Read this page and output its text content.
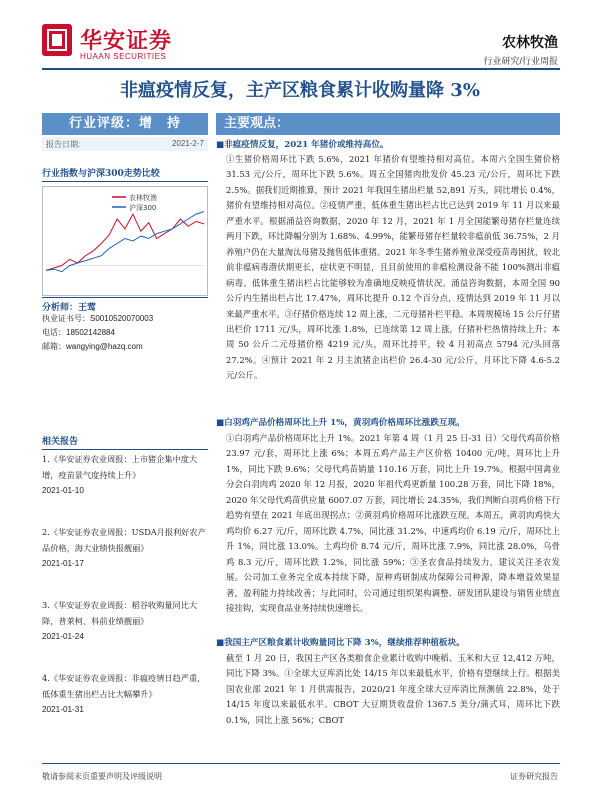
华安证券
HUAAN SECURITIES
农林牧渔
行业研究/行业周报
非瘟疫情反复，主产区粮食累计收购量降 3%
行业评级：增　持
报告日期:	2021-2-7
行业指数与沪深300走势比较
农林牧渔
沪深300
分析师：王莺
执业证书号：S0010520070003
电话：18502142884
邮箱：wangying@hazq.com
相关报告
1.《华安证券农业周报：上市猪企集中度大增，疫苗景气度持续上升》
2021-01-10
2.《华安证券农业周报：USDA月报利好农产品价格，海大业绩快报靓丽》
2021-01-17
3.《华安证券农业周报：稻谷收购量同比大降，普莱柯、科前业绩靓丽》
2021-01-24
4.《华安证券农业周报：非瘟疫情日趋严重，低体重生猪出栏占比大幅攀升》
2021-01-31
主要观点：
■非瘟疫情反复，2021 年猪价或维持高位。
①生猪价格周环比下跌 5.6%，2021 年猪价有望维持相对高位。本周六全国生猪价格 31.53 元/公斤，周环比下跌 5.6%。周五全国猪肉批发价 45.23 元/公斤，周环比下跌 2.5%。据我们近期推算，预计 2021 年我国生猪出栏量 52,891 万头，同比增长 0.4%，猪价有望维持相对高位。②疫情严重，低体重生猪出栏占比已达到 2019 年 11 月以来最严重水平。根据涌益咨询数据，2020 年 12 月，2021 年 1 月全国能繁母猪存栏量连续两月下跌，环比降幅分别为 1.68%、4.99%，能繁母猪存栏量较非瘟前低 36.75%，2 月养殖户仍在大量淘汰母猪及抛售低体重猪。2021 年冬季生猪养殖业深受疫苗毒困扰，较北前非瘟病毒潜伏期更长，症状更不明显，且目前使用的非瘟检测设备不能 100%测出非瘟病毒。低体重生猪出栏占比能够较为准确地反映疫情状况。涌益咨询数据，本周全国 90 公斤内生猪出栏占比 17.47%，周环比提升 0.12 个百分点，疫情达到 2019 年 11 月以来最严重水平。③仔猪价格连续 12 周上涨，二元母猪补栏平稳。本周规模场 15 公斤仔猪出栏价 1711 元/头，周环比涨 1.8%，已连续第 12 周上涨，仔猪补栏热情持续上升；本周 50 公斤二元母猪价格 4219 元/头，周环比持平，较 4 月初高点 5794 元/头回落 27.2%。④预计 2021 年 2 月主流猪企出栏价 26.4-30 元/公斤，月环比下降 4.6-5.2 元/公斤。
■白羽鸡产品价格周环比上升 1%，黄羽鸡价格周环比涨跌互现。
①白羽鸡产品价格周环比上升 1%。2021 年第 4 周（1 月 25 日-31 日）父母代鸡苗价格 23.97 元/套，周环比上涨 6%；本周五鸡产品主产区价格 10400 元/吨，周环比上升 1%，同比下跌 9.6%；父母代鸡苗销量 110.16 万套，同比上升 19.7%。根据中国禽业分会白羽肉鸡 2020 年 12 月报，2020 年祖代鸡更新量 100.28 万套，同比下降 18%，2020 年父母代鸡苗供应量 6007.07 万套，同比增长 24.35%，我们判断白羽鸡价格下行趋势有望在 2021 年底出现拐点；②黄羽鸡价格周环比涨跌互现。本周五，黄羽肉鸡快大鸡均价 6.27 元/斤，周环比跌 4.7%，同比涨 31.2%，中速鸡均价 6.19 元/斤，周环比上升 1%，同比涨 13.0%。土鸡均价 8.74 元/斤，周环比涨 7.9%，同比涨 28.0%，乌骨鸡 8.3 元/斤，周环比跌 1.2%，同比涨 59%；③圣农食品持续发力，建议关注圣农发展。公司加工业务完全成本持续下降，原种鸡研制成功保障公司种源，降本增益效果显著，盈利能力持续改善；与此同时，公司通过组织架构调整、研发团队建设与销售业绩直接挂钩，实现食品业务持续快速增长。
■我国主产区粮食累计收购量同比下降 3%，继续推荐种植板块。
截至 1 月 20 日，我国主产区各类粮食企业累计收购中晚稻、玉米和大豆 12,412 万吨，同比下降 3%。①全球大豆库消比处 14/15 年以来最低水平，价格有望继续上行。根据美国农业部 2021 年 1 月供需报告，2020/21 年度全球大豆库消比预测值 22.8%，处于 14/15 年度以来最低水平。CBOT 大豆期货收盘价 1367.5 美分/蒲式耳，周环比下跌 0.1%，同比上涨 56%；CBOT
敬请参阅末页重要声明及评级说明	证券研究报告
